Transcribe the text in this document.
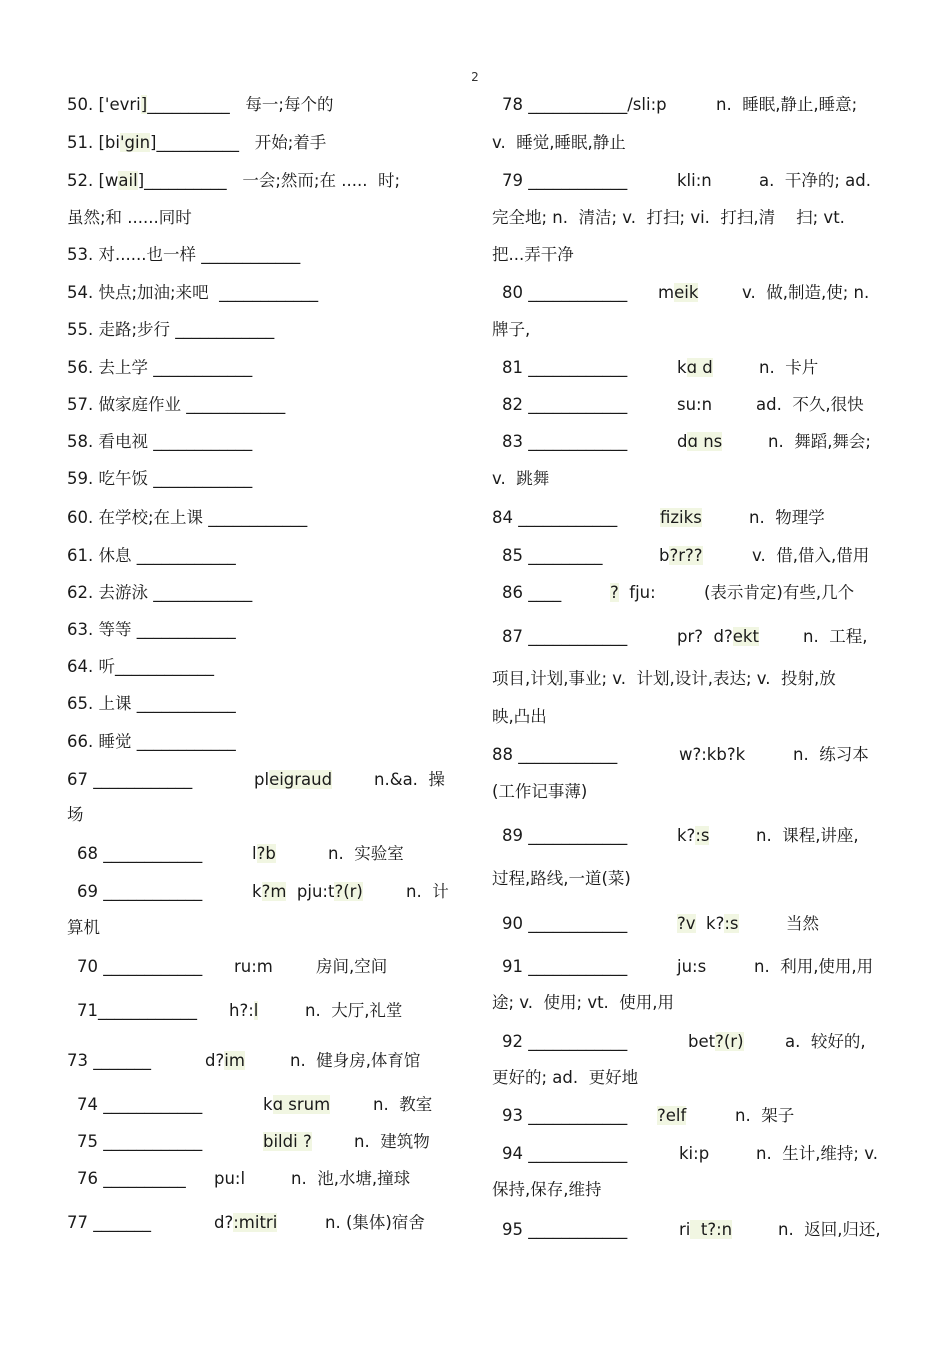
2
50. ['evri]__________   每一;每个的
51. [bi'gin]__________   开始;着手
52. [wail]__________   一会;然而;在 .....  时;
虽然;和 ......同时
53. 对......也一样 ____________
54. 快点;加油;来吧  ____________
55. 走路;步行 ____________
56. 去上学 ____________
57. 做家庭作业 ____________
58. 看电视 ____________
59. 吃午饭 ____________
60. 在学校;在上课 ____________
61. 休息 ____________
62. 去游泳 ____________
63. 等等 ____________
64. 听____________
65. 上课 ____________
66. 睡觉 ____________
67 ____________	pleigraud	n.&a.  操
场
68 ____________	l?b	n.  实验室
69 ____________	k?m  pju:t?(r)	n.  计
算机
70 ____________ ru:m	房间,空间
71____________ h?:l	n.  大厅,礼堂
73 _______	d?im	n.  健身房,体育馆
74 ____________	kɑ srum	n.  教室
75 ____________	bildi ?	n.  建筑物
76 __________ pu:l	n.  池,水塘,撞球
77 _______	d?:mitri	n. (集体)宿舍
78 ____________/sli:p	n.  睡眠,静止,睡意;
v.  睡觉,睡眠,静止
79 ____________	kli:n	a.  干净的; ad.
完全地; n.  清洁; v.  打扫; vi.  打扫,清    扫; vt.
把...弄干净
80 ____________ meik	v.  做,制造,使; n.
牌子,
81 ____________	kɑ d	n.  卡片
82 ____________	su:n	ad.  不久,很快
83 ____________	dɑ ns	n.  舞蹈,舞会;
v.  跳舞
84 ____________	fiziks	n.  物理学
85 _________	b?r??	v.  借,借入,借用
86 ____	?  fju:	(表示肯定)有些,几个
87 ____________	pr?  d?ekt	n.  工程,
项目,计划,事业; v.  计划,设计,表达; v.  投射,放
映,凸出
88 ____________	w?:kb?k	n.  练习本
(工作记事薄)
89 ____________	k?:s	n.  课程,讲座,
过程,路线,一道(菜)
90 ____________	?v  k?:s	当然
91 ____________	ju:s	n.  利用,使用,用
途; v.  使用; vt.  使用,用
92 ____________	bet?(r)	a.  较好的,
更好的; ad.  更好地
93 ____________ ?elf	n.  架子
94 ____________	ki:p	n.  生计,维持; v.
保持,保存,维持
95 ____________	ri  t?:n	n.  返回,归还,
